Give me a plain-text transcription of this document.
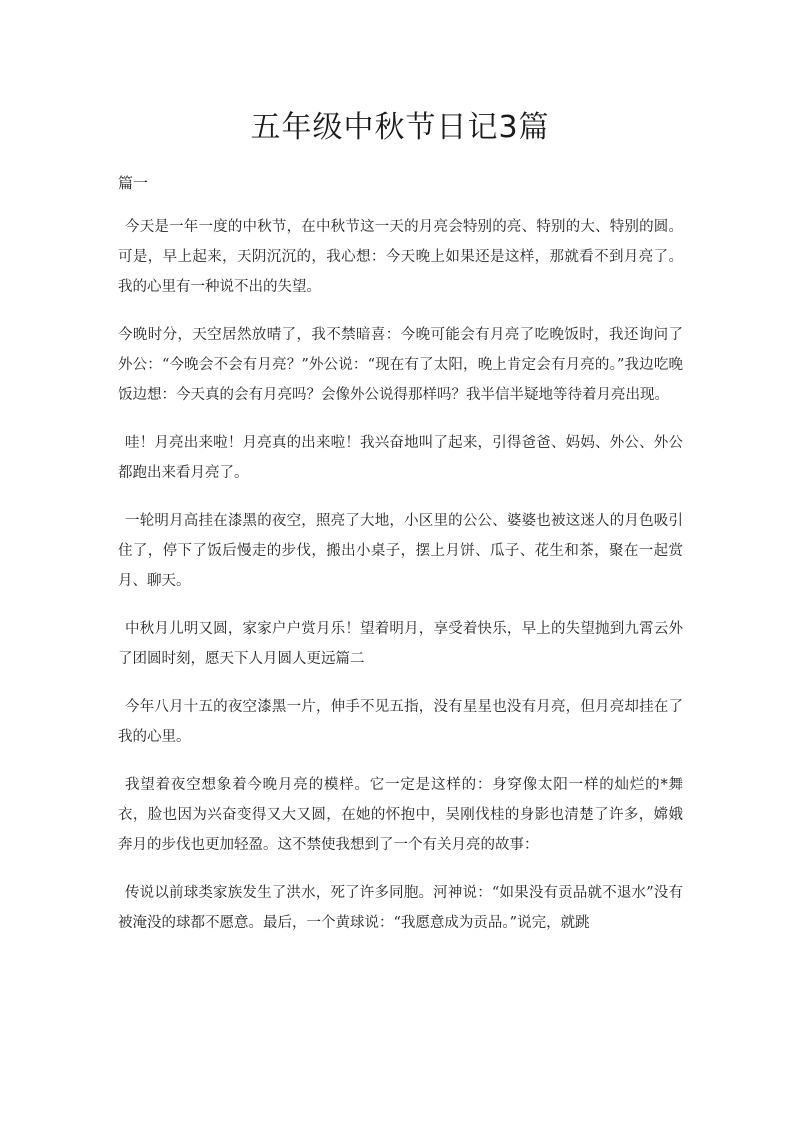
五年级中秋节日记3篇

篇一

今天是一年一度的中秋节，在中秋节这一天的月亮会特别的亮、特别的大、特别的圆。可是，早上起来，天阴沉沉的，我心想：今天晚上如果还是这样，那就看不到月亮了。我的心里有一种说不出的失望。

今晚时分，天空居然放晴了，我不禁暗喜：今晚可能会有月亮了吃晚饭时，我还询问了外公：“今晚会不会有月亮？”外公说：“现在有了太阳，晚上肯定会有月亮的。”我边吃晚饭边想：今天真的会有月亮吗？会像外公说得那样吗？我半信半疑地等待着月亮出现。

哇！月亮出来啦！月亮真的出来啦！我兴奋地叫了起来，引得爸爸、妈妈、外公、外公都跑出来看月亮了。

一轮明月高挂在漆黑的夜空，照亮了大地，小区里的公公、婆婆也被这迷人的月色吸引住了，停下了饭后慢走的步伐，搬出小桌子，摆上月饼、瓜子、花生和茶，聚在一起赏月、聊天。

中秋月儿明又圆，家家户户赏月乐！望着明月，享受着快乐，早上的失望抛到九霄云外了团圆时刻，愿天下人月圆人更远篇二

今年八月十五的夜空漆黑一片，伸手不见五指，没有星星也没有月亮，但月亮却挂在了我的心里。

我望着夜空想象着今晚月亮的模样。它一定是这样的：身穿像太阳一样的灿烂的*舞衣，脸也因为兴奋变得又大又圆，在她的怀抱中，吴刚伐桂的身影也清楚了许多，嫦娥奔月的步伐也更加轻盈。这不禁使我想到了一个有关月亮的故事：

传说以前球类家族发生了洪水，死了许多同胞。河神说：“如果没有贡品就不退水”没有被淹没的球都不愿意。最后，一个黄球说：“我愿意成为贡品。”说完，就跳
